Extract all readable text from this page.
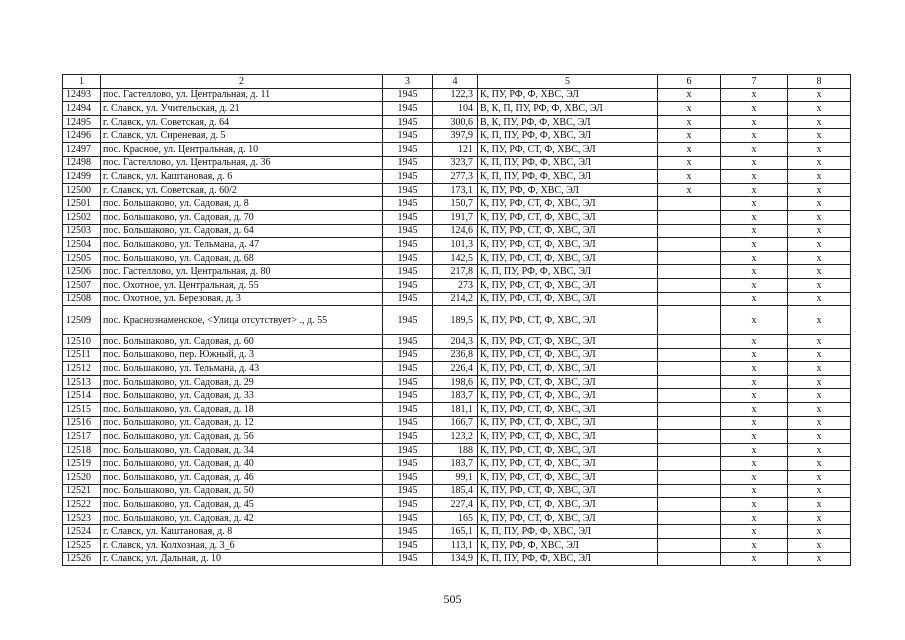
1	2	3	4	5	6	7	8
12493	пос. Гастеллово, ул. Центральная, д. 11	1945	122,3	К, ПУ, РФ, Ф, ХВС, ЭЛ	х	х	х
12494	г. Славск, ул. Учительская, д. 21	1945	104	В, К, П, ПУ, РФ, Ф, ХВС, ЭЛ	х	х	х
12495	г. Славск, ул. Советская, д. 64	1945	300,6	В, К, ПУ, РФ, Ф, ХВС, ЭЛ	х	х	х
12496	г. Славск, ул. Сиреневая, д. 5	1945	397,9	К, П, ПУ, РФ, Ф, ХВС, ЭЛ	х	х	х
12497	пос. Красное, ул. Центральная, д. 10	1945	121	К, ПУ, РФ, СТ, Ф, ХВС, ЭЛ	х	х	х
12498	пос. Гастеллово, ул. Центральная, д. 36	1945	323,7	К, П, ПУ, РФ, Ф, ХВС, ЭЛ	х	х	х
12499	г. Славск, ул. Каштановая, д. 6	1945	277,3	К, П, ПУ, РФ, Ф, ХВС, ЭЛ	х	х	х
12500	г. Славск, ул. Советская, д. 60/2	1945	173,1	К, ПУ, РФ, Ф, ХВС, ЭЛ	х	х	х
12501	пос. Большаково, ул. Садовая, д. 8	1945	150,7	К, ПУ, РФ, СТ, Ф, ХВС, ЭЛ		х	х
12502	пос. Большаково, ул. Садовая, д. 70	1945	191,7	К, ПУ, РФ, СТ, Ф, ХВС, ЭЛ		х	х
12503	пос. Большаково, ул. Садовая, д. 64	1945	124,6	К, ПУ, РФ, СТ, Ф, ХВС, ЭЛ		х	х
12504	пос. Большаково, ул. Тельмана, д. 47	1945	101,3	К, ПУ, РФ, СТ, Ф, ХВС, ЭЛ		х	х
12505	пос. Большаково, ул. Садовая, д. 68	1945	142,5	К, ПУ, РФ, СТ, Ф, ХВС, ЭЛ		х	х
12506	пос. Гастеллово, ул. Центральная, д. 80	1945	217,8	К, П, ПУ, РФ, Ф, ХВС, ЭЛ		х	х
12507	пос. Охотное, ул. Центральная, д. 55	1945	273	К, ПУ, РФ, СТ, Ф, ХВС, ЭЛ		х	х
12508	пос. Охотное, ул. Березовая, д. 3	1945	214,2	К, ПУ, РФ, СТ, Ф, ХВС, ЭЛ		х	х
12509	пос. Краснознаменское, <Улица отсутствует> ., д. 55	1945	189,5	К, ПУ, РФ, СТ, Ф, ХВС, ЭЛ		х	х
12510	пос. Большаково, ул. Садовая, д. 60	1945	204,3	К, ПУ, РФ, СТ, Ф, ХВС, ЭЛ		х	х
12511	пос. Большаково, пер. Южный, д. 3	1945	236,8	К, ПУ, РФ, СТ, Ф, ХВС, ЭЛ		х	х
12512	пос. Большаково, ул. Тельмана, д. 43	1945	226,4	К, ПУ, РФ, СТ, Ф, ХВС, ЭЛ		х	х
12513	пос. Большаково, ул. Садовая, д. 29	1945	198,6	К, ПУ, РФ, СТ, Ф, ХВС, ЭЛ		х	х
12514	пос. Большаково, ул. Садовая, д. 33	1945	183,7	К, ПУ, РФ, СТ, Ф, ХВС, ЭЛ		х	х
12515	пос. Большаково, ул. Садовая, д. 18	1945	181,1	К, ПУ, РФ, СТ, Ф, ХВС, ЭЛ		х	х
12516	пос. Большаково, ул. Садовая, д. 12	1945	166,7	К, ПУ, РФ, СТ, Ф, ХВС, ЭЛ		х	х
12517	пос. Большаково, ул. Садовая, д. 56	1945	123,2	К, ПУ, РФ, СТ, Ф, ХВС, ЭЛ		х	х
12518	пос. Большаково, ул. Садовая, д. 34	1945	188	К, ПУ, РФ, СТ, Ф, ХВС, ЭЛ		х	х
12519	пос. Большаково, ул. Садовая, д. 40	1945	183,7	К, ПУ, РФ, СТ, Ф, ХВС, ЭЛ		х	х
12520	пос. Большаково, ул. Садовая, д. 46	1945	99,1	К, ПУ, РФ, СТ, Ф, ХВС, ЭЛ		х	х
12521	пос. Большаково, ул. Садовая, д. 50	1945	185,4	К, ПУ, РФ, СТ, Ф, ХВС, ЭЛ		х	х
12522	пос. Большаково, ул. Садовая, д. 45	1945	227,4	К, ПУ, РФ, СТ, Ф, ХВС, ЭЛ		х	х
12523	пос. Большаково, ул. Садовая, д. 42	1945	165	К, ПУ, РФ, СТ, Ф, ХВС, ЭЛ		х	х
12524	г. Славск, ул. Каштановая, д. 8	1945	165,1	К, П, ПУ, РФ, Ф, ХВС, ЭЛ		х	х
12525	г. Славск, ул. Колхозная, д. 3_6	1945	113,1	К, ПУ, РФ, Ф, ХВС, ЭЛ		х	х
12526	г. Славск, ул. Дальная, д. 10	1945	134,9	К, П, ПУ, РФ, Ф, ХВС, ЭЛ		х	х
505
